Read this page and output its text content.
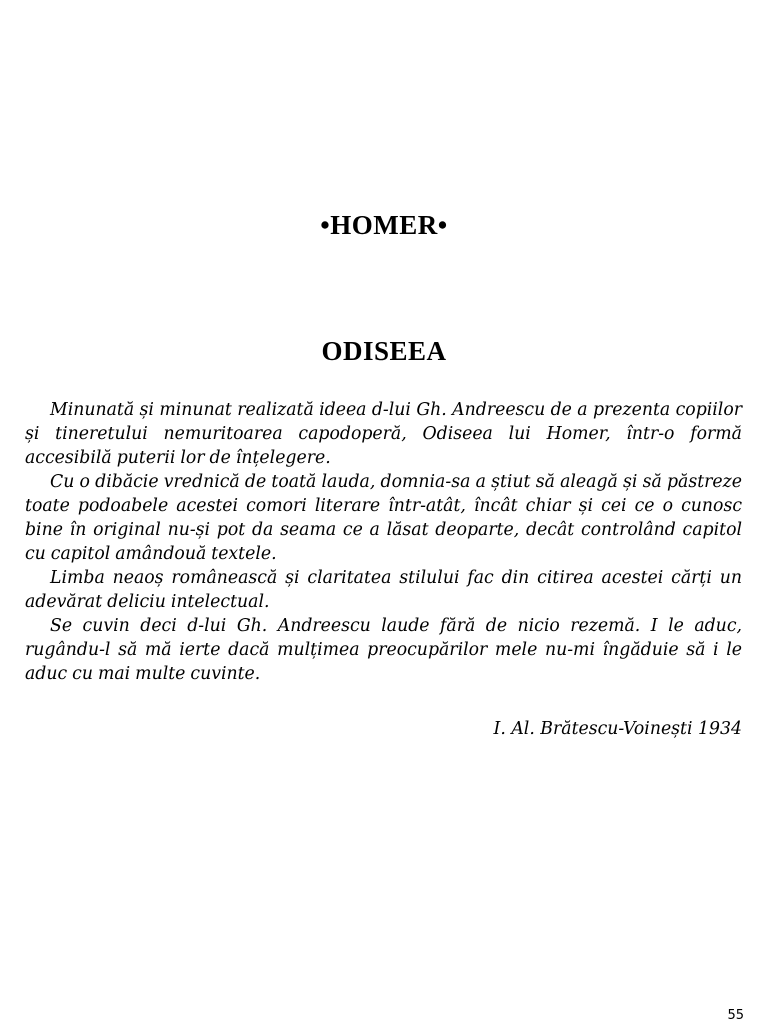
•HOMER•
ODISEEA

Minunată și minunat realizată ideea d-lui Gh. Andreescu de a prezenta copiilor și tineretului nemuritoarea capodoperă, Odiseea lui Homer, într-o formă accesibilă puterii lor de înțelegere.

Cu o dibăcie vrednică de toată lauda, domnia-sa a știut să aleagă și să păstreze toate podoabele acestei comori literare într-atât, încât chiar și cei ce o cunosc bine în original nu-și pot da seama ce a lăsat deoparte, decât controlând capitol cu capitol amândouă textele.

Limba neaoș românească și claritatea stilului fac din citirea acestei cărți un adevărat deliciu intelectual.

Se cuvin deci d-lui Gh. Andreescu laude fără de nicio rezemă. I le aduc, rugându-l să mă ierte dacă mulțimea preocupărilor mele nu-mi îngăduie să i le aduc cu mai multe cuvinte.

I. Al. Brătescu-Voinești 1934
55
